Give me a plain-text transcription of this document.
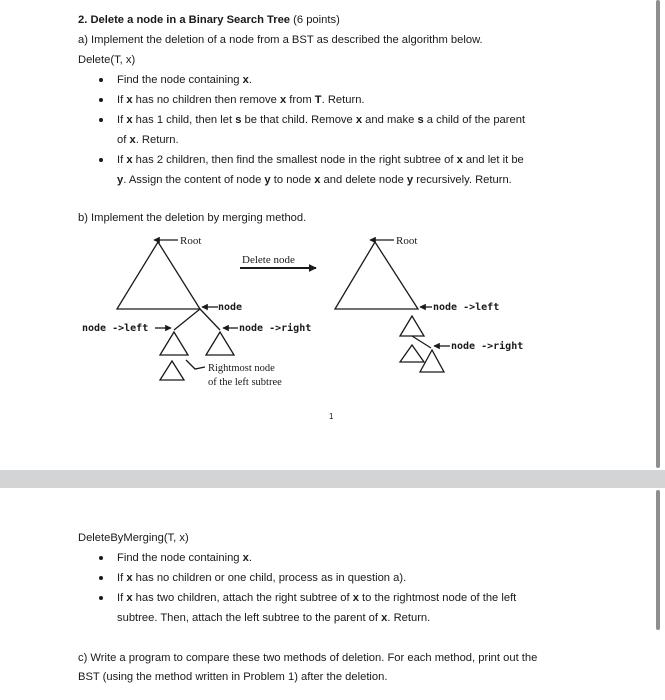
2. Delete a node in a Binary Search Tree (6 points)
a) Implement the deletion of a node from a BST as described the algorithm below.
Delete(T, x)
Find the node containing x.
If x has no children then remove x from T. Return.
If x has 1 child, then let s be that child. Remove x and make s a child of the parent
of x. Return.
If x has 2 children, then find the smallest node in the right subtree of x and let it be
y. Assign the content of node y to node x and delete node y recursively. Return.
b) Implement the deletion by merging method.
Root	Root
Delete node
node
node ->left	node ->right
Rightmost node
of the left subtree
node ->left
node ->right
1
DeleteByMerging(T, x)
Find the node containing x.
If x has no children or one child, process as in question a).
If x has two children, attach the right subtree of x to the rightmost node of the left
subtree. Then, attach the left subtree to the parent of x. Return.
c) Write a program to compare these two methods of deletion. For each method, print out the
BST (using the method written in Problem 1) after the deletion.
